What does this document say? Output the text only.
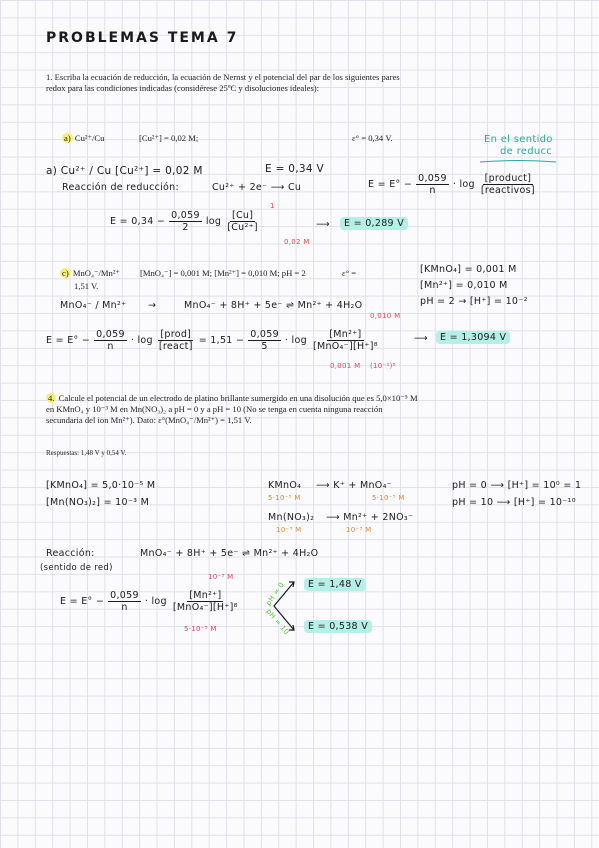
PROBLEMAS TEMA 7
1. Escriba la ecuación de reducción, la ecuación de Nernst y el potencial del par de los siguientes pares redox para las condiciones indicadas (considérese 25ºC y disoluciones ideales):
a) Cu²⁺/Cu	[Cu²⁺] = 0,02 M;	ε° = 0,34 V.	En el sentido
de reducc
a) Cu²⁺ / Cu [Cu²⁺] = 0,02 M	E = 0,34 V
Reacción de reducción:	Cu²⁺ + 2e⁻ ⟶ Cu	$E = E^\circ - \frac{0,059}{n} \cdot \log \frac{\text{[product]}}{\text{[reactivos]}}$
$E = 0,34 - \frac{0,059}{2}$ $\log \frac{[Cu]}{\text{[Cu²⁺]}}$
1
0,02 M
⟶	E = 0,289 V
c) MnO₄⁻/Mn²⁺ [MnO₄⁻] = 0,001 M; [Mn²⁺] = 0,010 M; pH = 2	ε° =
1,51 V.
[KMnO₄] = 0,001 M
[Mn²⁺] = 0,010 M
pH = 2 → [H⁺] = 10⁻²
MnO₄⁻ / Mn²⁺ →	MnO₄⁻ + 8H⁺ + 5e⁻ ⇌ Mn²⁺ + 4H₂O
0,010 M
$E = E^\circ - \frac{0,059}{n} \cdot \log \frac{\text{[prod]}}{\text{[react]}} = 1,51 - \frac{0,059}{5} \cdot \log \frac{\text{[Mn²⁺]}}{\text{[MnO₄⁻][H⁺]⁸}}$
0,001 M (10⁻²)⁸
⟶	E = 1,3094 V
4. Calcule el potencial de un electrodo de platino brillante sumergido en una disolución que es 5,0×10⁻⁵ M en KMnO₄ y 10⁻³ M en Mn(NO₃)₂ a pH = 0 y a pH = 10 (No se tenga en cuenta ninguna reacción secundaria del ion Mn²⁺). Dato: ε°(MnO₄⁻/Mn²⁺) = 1,51 V.
Respuestas: 1,48 V y 0,54 V.
[KMnO₄] = 5,0·10⁻⁵ M
[Mn(NO₃)₂] = 10⁻³ M
KMnO₄ ⟶ K⁺ + MnO₄⁻
5·10⁻⁵ M	5·10⁻⁵ M
Mn(NO₃)₂ ⟶ Mn²⁺ + 2NO₃⁻
10⁻³ M	10⁻³ M
pH = 0 ⟶ [H⁺] = 10⁰ = 1
pH = 10 ⟶ [H⁺] = 10⁻¹⁰
Reacción:	MnO₄⁻ + 8H⁺ + 5e⁻ ⇌ Mn²⁺ + 4H₂O
(sentido de red)
10⁻³ M
$E = E^\circ - \frac{0,059}{n} \cdot \log \frac{\text{[Mn²⁺]}}{\text{[MnO₄⁻][H⁺]⁸}}$
5·10⁻⁵ M
pH = 0
pH = 10
E = 1,48 V
E = 0,538 V
